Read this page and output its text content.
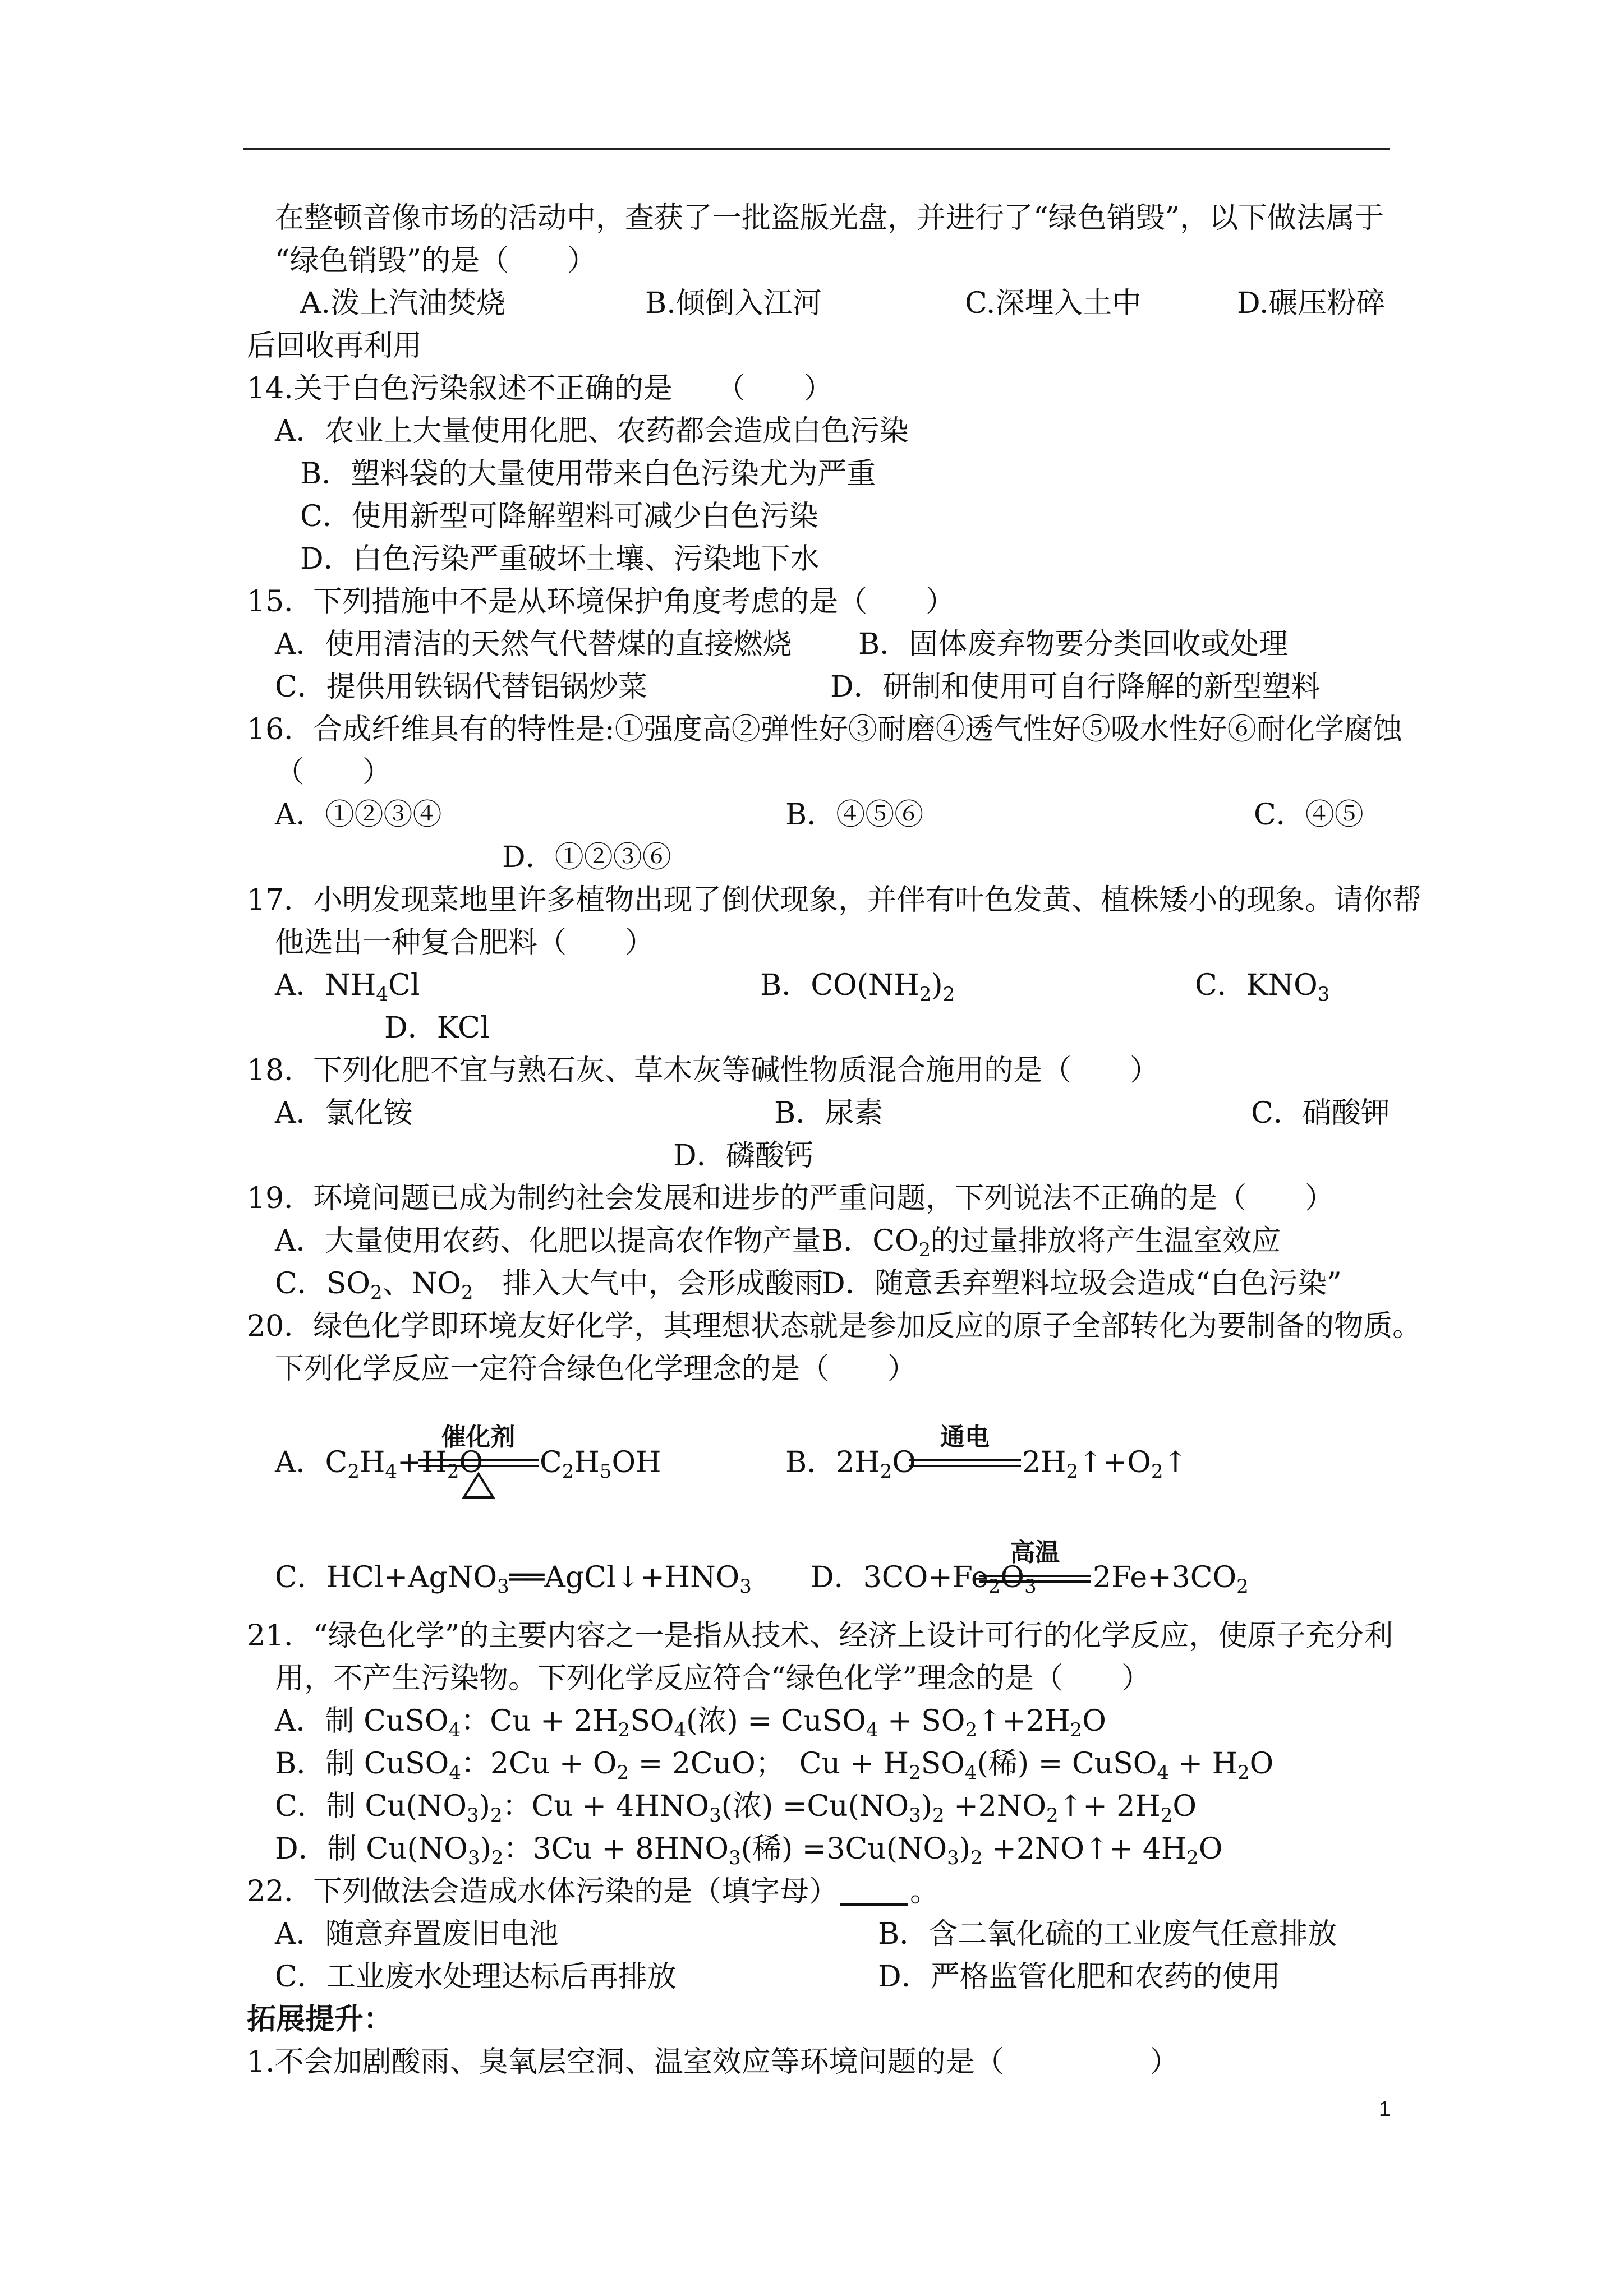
在整顿音像市场的活动中，查获了一批盗版光盘，并进行了“绿色销毁”，以下做法属于
“绿色销毁”的是（　　）
A.泼上汽油焚烧	B.倾倒入江河	C.深埋入土中	D.碾压粉碎
后回收再利用
14.关于白色污染叙述不正确的是　　（　　）
A．农业上大量使用化肥、农药都会造成白色污染
B．塑料袋的大量使用带来白色污染尤为严重
C．使用新型可降解塑料可减少白色污染
D．白色污染严重破坏土壤、污染地下水
15．下列措施中不是从环境保护角度考虑的是（　　）
A．使用清洁的天然气代替煤的直接燃烧 B．固体废弃物要分类回收或处理
C．提供用铁锅代替铝锅炒菜	D．研制和使用可自行降解的新型塑料
16．合成纤维具有的特性是:①强度高②弹性好③耐磨④透气性好⑤吸水性好⑥耐化学腐蚀
（　　）
A．①②③④	B．④⑤⑥	C．④⑤
D．①②③⑥
17．小明发现菜地里许多植物出现了倒伏现象，并伴有叶色发黄、植株矮小的现象。请你帮
他选出一种复合肥料（　　）
A．$NH_4Cl$	B．$CO(NH_2)_2$	C．$KNO_3$
D．KCl
18．下列化肥不宜与熟石灰、草木灰等碱性物质混合施用的是（　　）
A．氯化铵	B．尿素	C．硝酸钾
D．磷酸钙
19．环境问题已成为制约社会发展和进步的严重问题，下列说法不正确的是（　　）
A．大量使用农药、化肥以提高农作物产量 B．$CO_2$的过量排放将产生温室效应
C．$SO_2$、$NO_2$　排入大气中，会形成酸雨
D．随意丢弃塑料垃圾会造成“白色污染”
20．绿色化学即环境友好化学，其理想状态就是参加反应的原子全部转化为要制备的物质。
下列化学反应一定符合绿色化学理念的是（　　）
A．$C_2H_4+H_2O$
催化剂
$C_2H_5OH$	B．$2H_2O$
通电
$2H_2↑+O_2↑$
C．$HCl+AgNO_3══AgCl↓+HNO_3$ D．$3CO+Fe_2O_3$
高温
$2Fe+3CO_2$
21．“绿色化学”的主要内容之一是指从技术、经济上设计可行的化学反应，使原子充分利
用，不产生污染物。下列化学反应符合“绿色化学”理念的是（　　）
A．制 CuSO$_4$：$Cu + 2H_2SO_4$(浓) = CuSO$_4$ + $SO_2↑+2H_2O$
B．制 CuSO$_4$：$2Cu + O_2 = 2CuO$；　$Cu + H_2SO_4$(稀) = CuSO$_4$ + $H_2O$
C．制 $Cu(NO_3)_2$：$Cu + 4HNO_3$(浓) $=Cu(NO_3)_2$ $+2NO_2↑+ 2H_2O$
D．制 $Cu(NO_3)_2$：$3Cu + 8HNO_3$(稀) $=3Cu(NO_3)_2$ +2NO↑+ $4H_2O$
22．下列做法会造成水体污染的是（填字母） 。
A．随意弃置废旧电池	B．含二氧化硫的工业废气任意排放
C．工业废水处理达标后再排放	D．严格监管化肥和农药的使用
拓展提升：
1.不会加剧酸雨、臭氧层空洞、温室效应等环境问题的是（　　　　　）
1
